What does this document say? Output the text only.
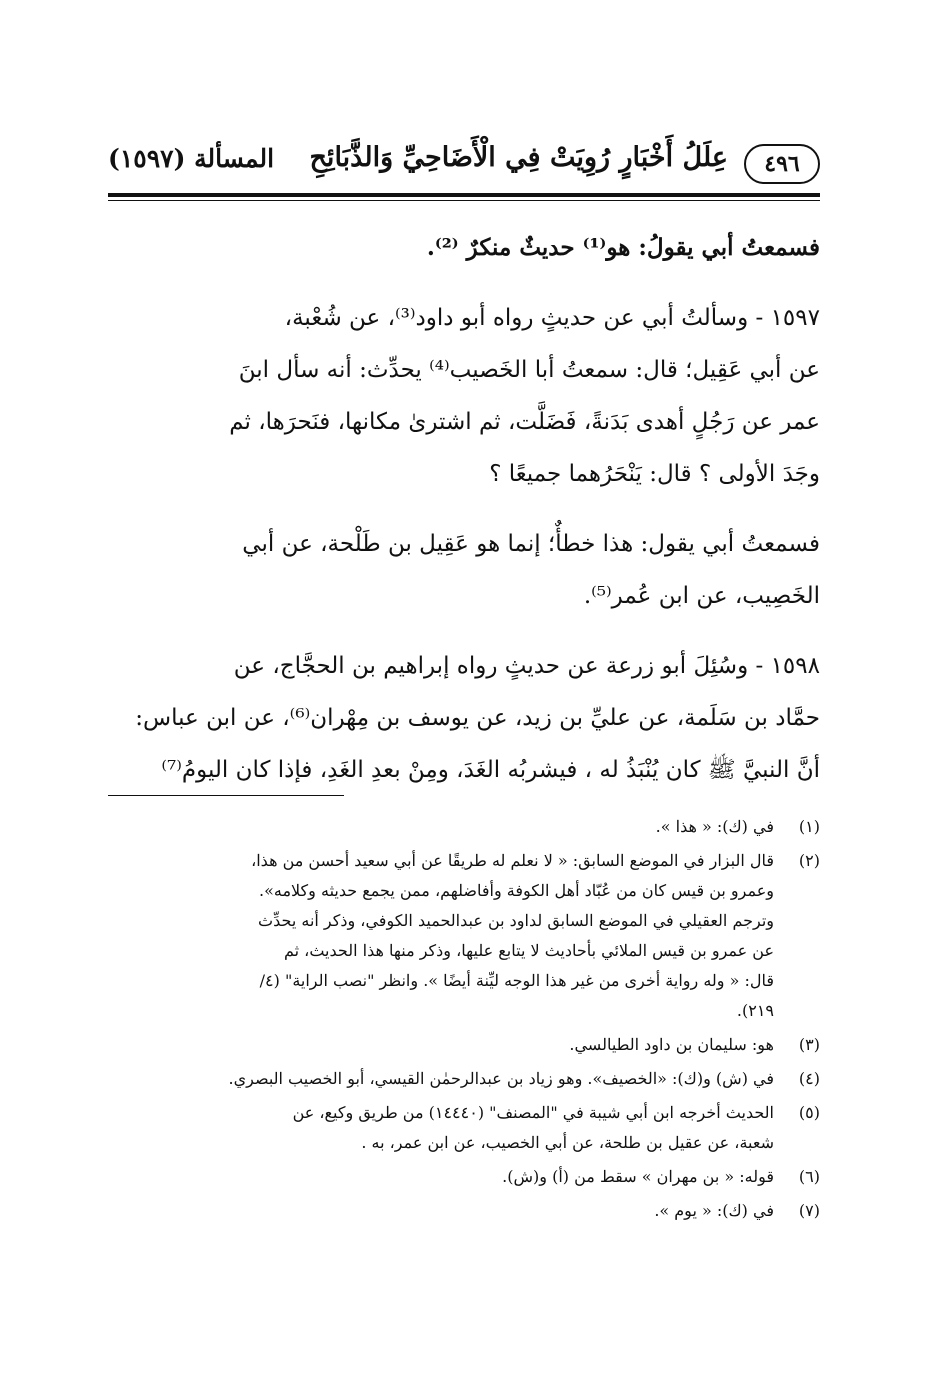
٤٩٦
عِلَلُ أَخْبَارٍ رُوِيَتْ فِي الْأَضَاحِيِّ وَالذَّبَائِحِ
المسألة (١٥٩٧)
فسمعتُ أبي يقولُ: هو⁽¹⁾ حديثٌ منكرٌ ⁽²⁾.
١٥٩٧ - وسألتُ أبي عن حديثٍ رواه أبو داود⁽³⁾، عن شُعْبة،
عن أبي عَقِيل؛ قال: سمعتُ أبا الخَصيب⁽⁴⁾ يحدِّث: أنه سأل ابنَ
عمر عن رَجُلٍ أهدى بَدَنةً، فَضَلَّت، ثم اشترىٰ مكانها، فنَحرَها، ثم
وجَدَ الأولى ؟ قال: يَنْحَرُهما جميعًا ؟
فسمعتُ أبي يقول: هذا خطأٌ؛ إنما هو عَقِيل بن طَلْحة، عن أبي
الخَصِيب، عن ابن عُمر⁽⁵⁾.
١٥٩٨ - وسُئِلَ أبو زرعة عن حديثٍ رواه إبراهيم بن الحجَّاج، عن
حمَّاد بن سَلَمة، عن عليِّ بن زيد، عن يوسف بن مِهْران⁽⁶⁾، عن ابن عباس:
أنَّ النبيَّ ﷺ كان يُنْبَذُ له ، فيشربُه الغَدَ، ومِنْ بعدِ الغَدِ، فإذا كان اليومُ⁽⁷⁾
(١)
في (ك): « هذا ».
(٢)
قال البزار في الموضع السابق: « لا نعلم له طريقًا عن أبي سعيد أحسن من هذا،
وعمرو بن قيس كان من عُبّاد أهل الكوفة وأفاضلهم، ممن يجمع حديثه وكلامه».
وترجم العقيلي في الموضع السابق لداود بن عبدالحميد الكوفي، وذكر أنه يحدِّث
عن عمرو بن قيس الملائي بأحاديث لا يتابع عليها، وذكر منها هذا الحديث، ثم
قال: « وله رواية أخرى من غير هذا الوجه ليِّنة أيضًا ». وانظر "نصب الراية" (٤/
٢١٩).
(٣)
هو: سليمان بن داود الطيالسي.
(٤)
في (ش) و(ك): «الخصيف». وهو زياد بن عبدالرحمٰن القيسي، أبو الخصيب البصري.
(٥)
الحديث أخرجه ابن أبي شيبة في "المصنف" (١٤٤٤٠) من طريق وكيع، عن
شعبة، عن عقيل بن طلحة، عن أبي الخصيب، عن ابن عمر، به .
(٦)
قوله: « بن مهران » سقط من (أ) و(ش).
(٧)
في (ك): « يوم ».
